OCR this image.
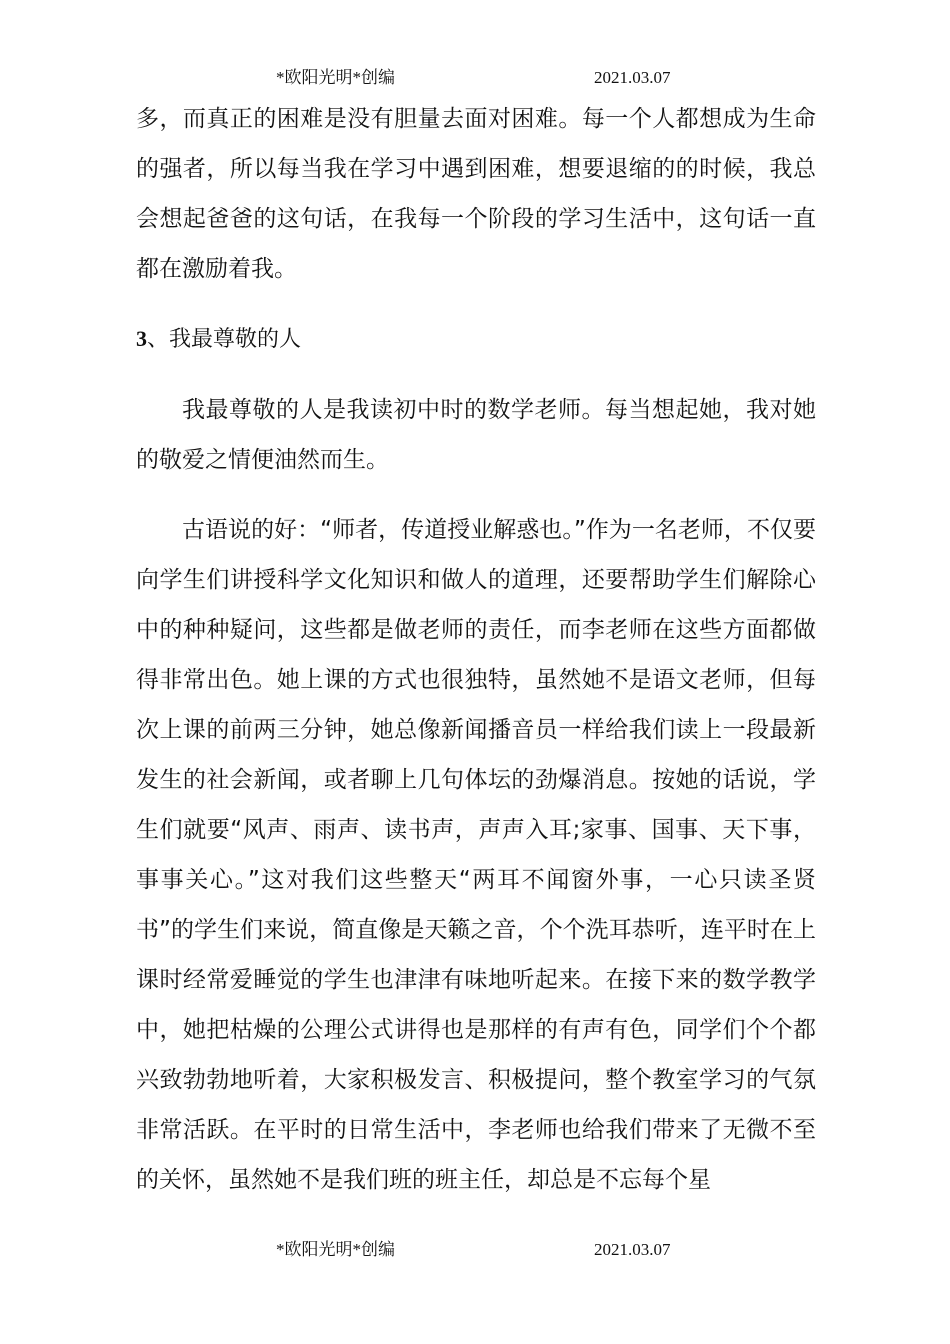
*欧阳光明*创编	2021.03.07

多，而真正的困难是没有胆量去面对困难。每一个人都想成为生命的强者，所以每当我在学习中遇到困难，想要退缩的的时候，我总会想起爸爸的这句话，在我每一个阶段的学习生活中，这句话一直都在激励着我。

3、我最尊敬的人

我最尊敬的人是我读初中时的数学老师。每当想起她，我对她的敬爱之情便油然而生。

古语说的好：“师者，传道授业解惑也。”作为一名老师，不仅要向学生们讲授科学文化知识和做人的道理，还要帮助学生们解除心中的种种疑问，这些都是做老师的责任，而李老师在这些方面都做得非常出色。她上课的方式也很独特，虽然她不是语文老师，但每次上课的前两三分钟，她总像新闻播音员一样给我们读上一段最新发生的社会新闻，或者聊上几句体坛的劲爆消息。按她的话说，学生们就要“风声、雨声、读书声，声声入耳;家事、国事、天下事，事事关心。”这对我们这些整天“两耳不闻窗外事，一心只读圣贤书”的学生们来说，简直像是天籁之音，个个洗耳恭听，连平时在上课时经常爱睡觉的学生也津津有味地听起来。在接下来的数学教学中，她把枯燥的公理公式讲得也是那样的有声有色，同学们个个都兴致勃勃地听着，大家积极发言、积极提问，整个教室学习的气氛非常活跃。在平时的日常生活中，李老师也给我们带来了无微不至的关怀，虽然她不是我们班的班主任，却总是不忘每个星

*欧阳光明*创编	2021.03.07
